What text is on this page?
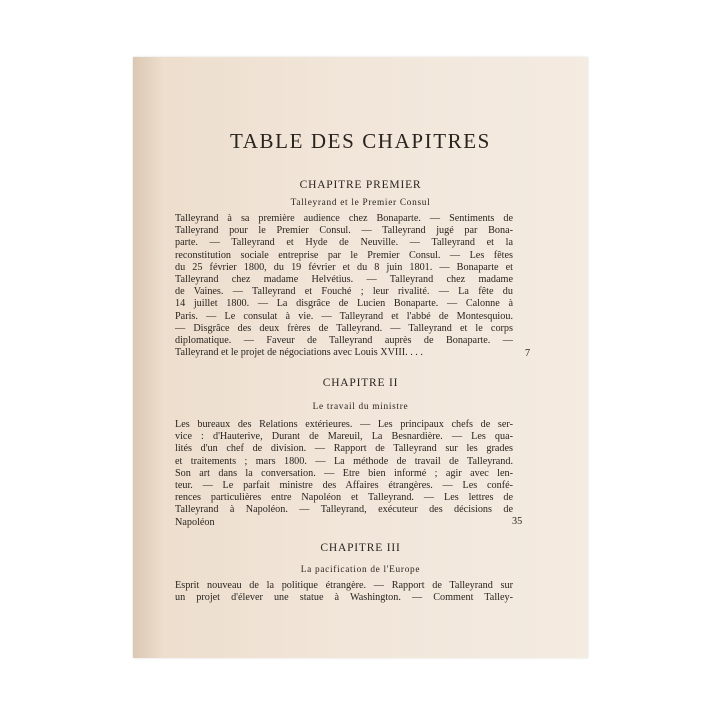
TABLE DES CHAPITRES
CHAPITRE PREMIER
Talleyrand et le Premier Consul
Talleyrand à sa première audience chez Bonaparte. — Sentiments de
Talleyrand pour le Premier Consul. — Talleyrand jugé par Bona-
parte. — Talleyrand et Hyde de Neuville. — Talleyrand et la
reconstitution sociale entreprise par le Premier Consul. — Les fêtes
du 25 février 1800, du 19 février et du 8 juin 1801. — Bonaparte et
Talleyrand chez madame Helvétius. — Talleyrand chez madame
de Vaines. — Talleyrand et Fouché ; leur rivalité. — La fête du
14 juillet 1800. — La disgrâce de Lucien Bonaparte. — Calonne à
Paris. — Le consulat à vie. — Talleyrand et l'abbé de Montesquiou.
— Disgrâce des deux frères de Talleyrand. — Talleyrand et le corps
diplomatique. — Faveur de Talleyrand auprès de Bonaparte. —
Talleyrand et le projet de négociations avec Louis XVIII. . . .	7
CHAPITRE II
Le travail du ministre
Les bureaux des Relations extérieures. — Les principaux chefs de ser-
vice : d'Hauterive, Durant de Mareuil, La Besnardière. — Les qua-
lités d'un chef de division. — Rapport de Talleyrand sur les grades
et traitements ; mars 1800. — La méthode de travail de Talleyrand.
Son art dans la conversation. — Etre bien informé ; agir avec len-
teur. — Le parfait ministre des Affaires étrangères. — Les confé-
rences particulières entre Napoléon et Talleyrand. — Les lettres de
Talleyrand à Napoléon. — Talleyrand, exécuteur des décisions de
Napoléon	35
CHAPITRE III
La pacification de l'Europe
Esprit nouveau de la politique étrangère. — Rapport de Talleyrand sur
un projet d'élever une statue à Washington. — Comment Talley-
